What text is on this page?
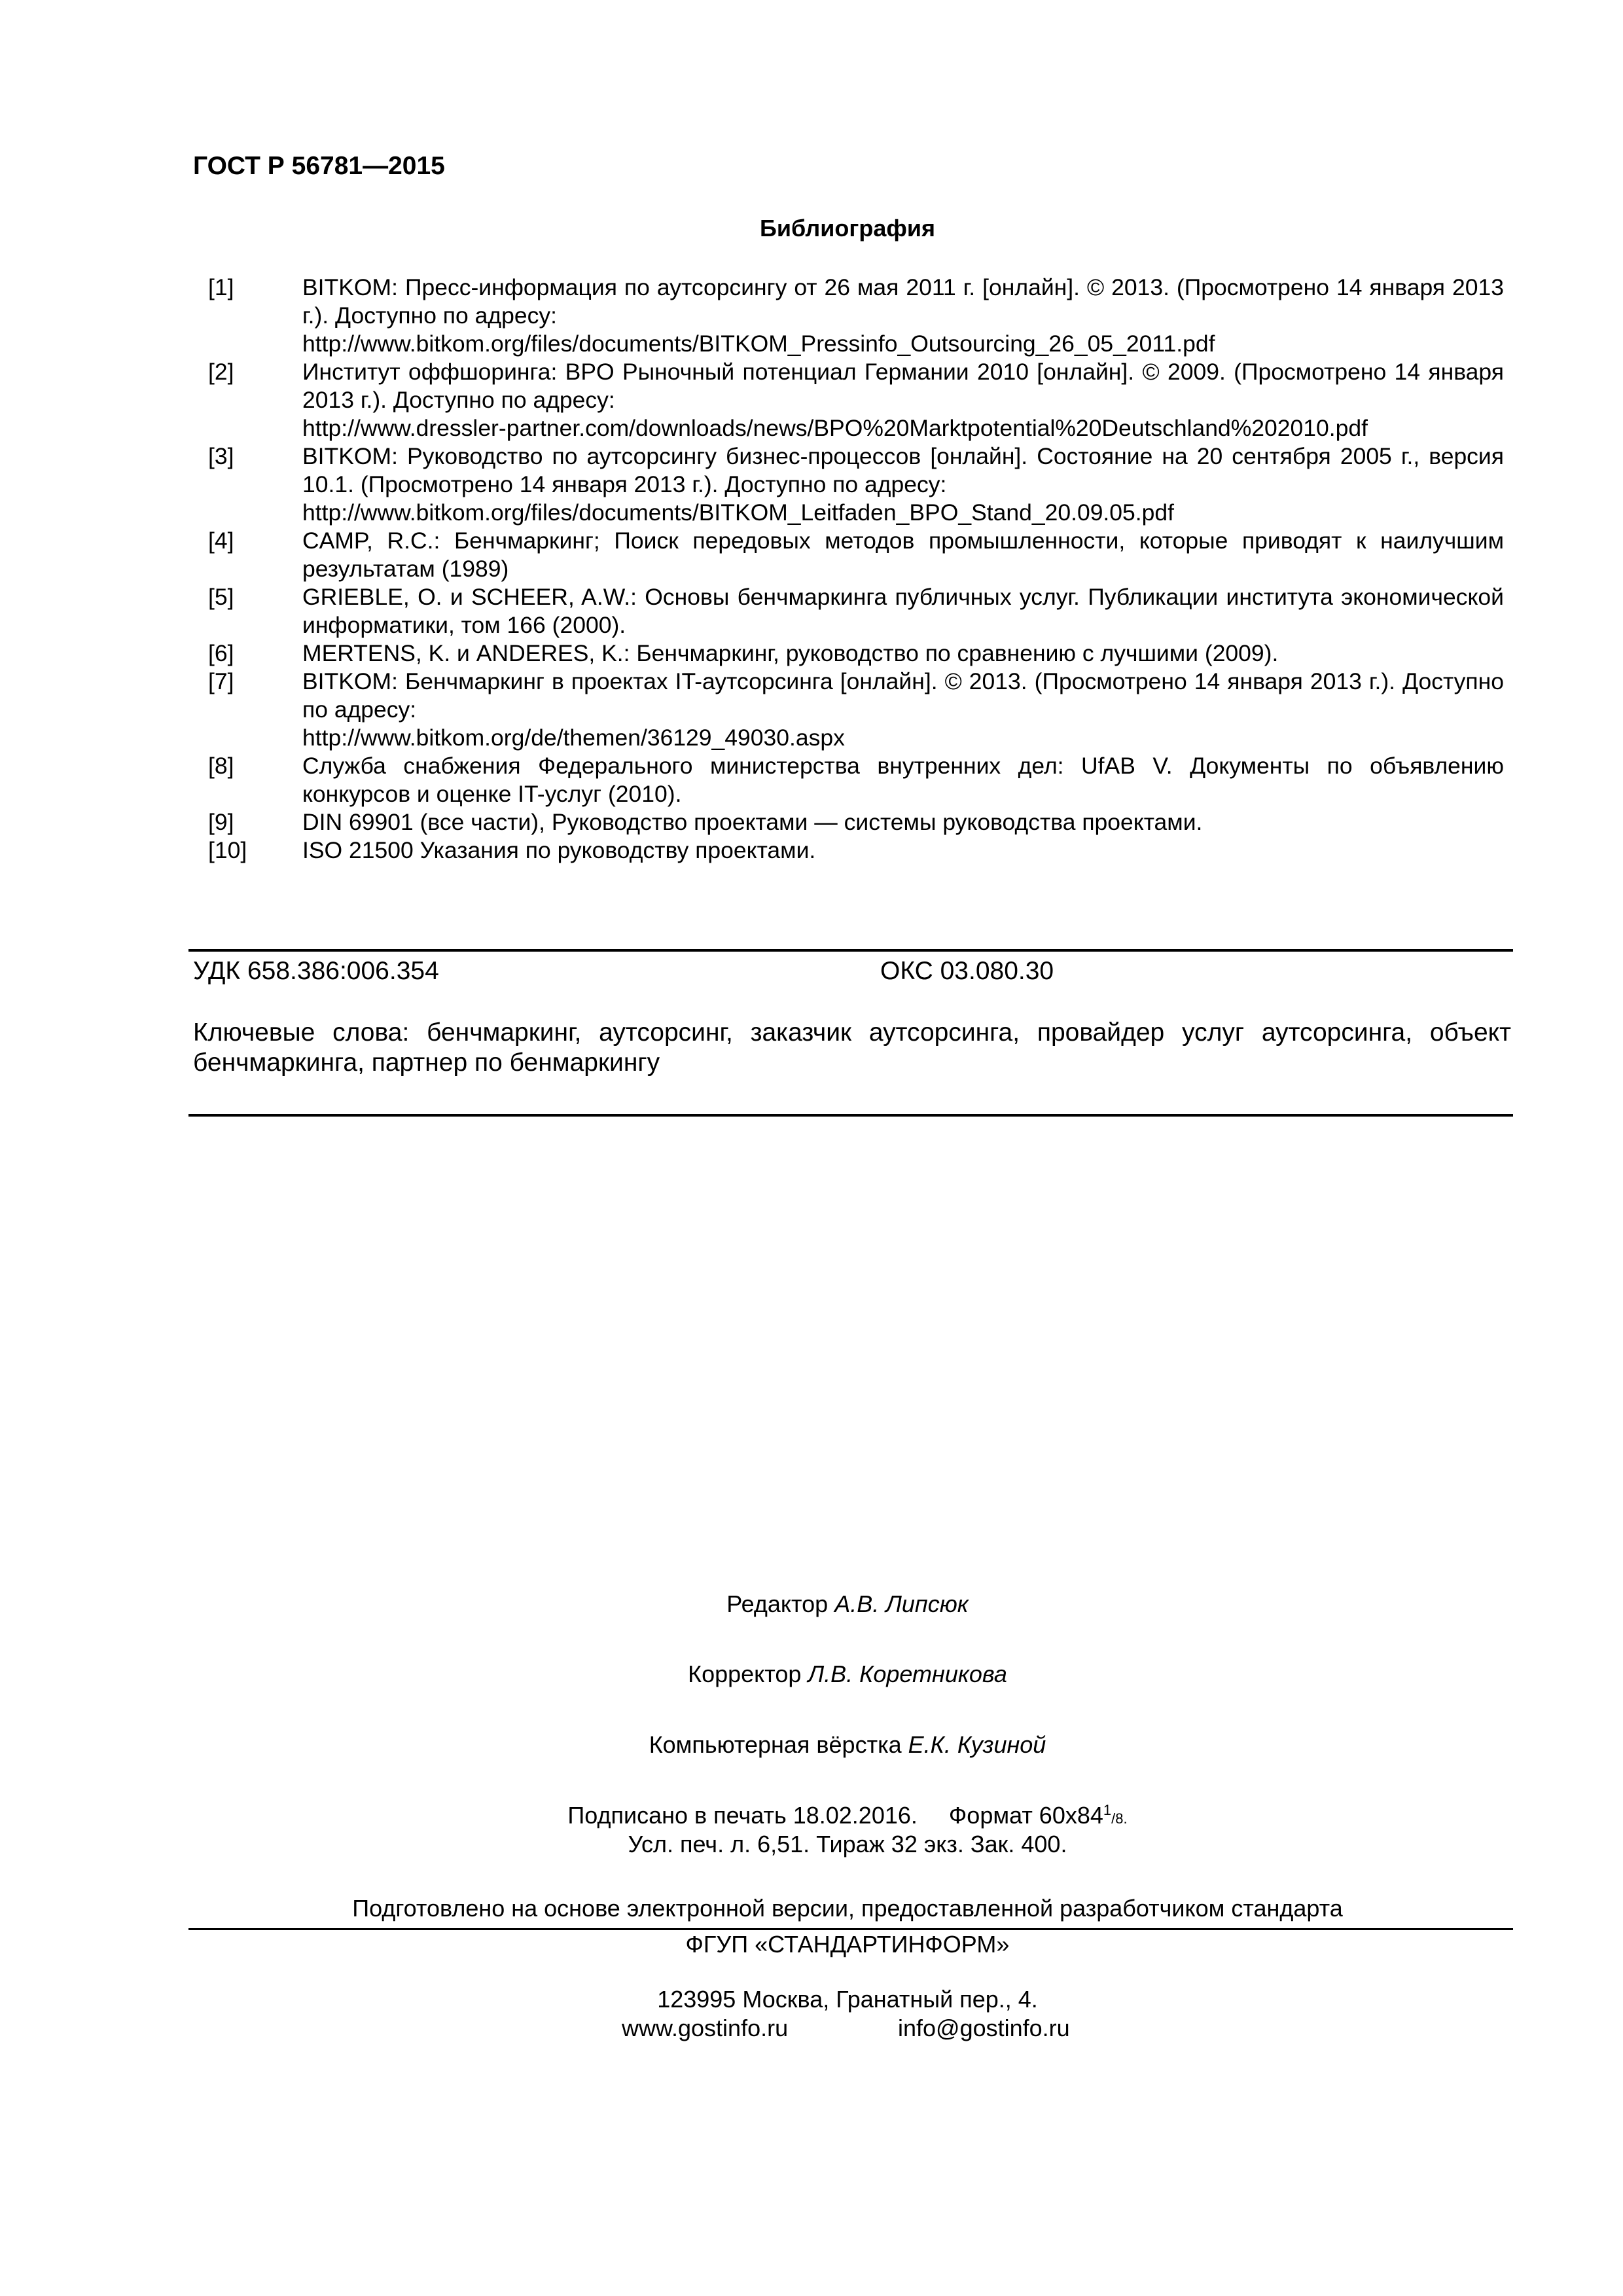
ГОСТ Р 56781—2015
Библиография
[1]	BITKOM: Пресс-информация по аутсорсингу от 26 мая 2011 г. [онлайн]. © 2013. (Просмотрено 14 января 2013 г.). Доступно по адресу:
http://www.bitkom.org/files/documents/BITKOM_Pressinfo_Outsourcing_26_05_2011.pdf
[2]	Институт оффшоринга: BPO Рыночный потенциал Германии 2010 [онлайн]. © 2009. (Просмотрено 14 января 2013 г.). Доступно по адресу:
http://www.dressler-partner.com/downloads/news/BPO%20Marktpotential%20Deutschland%202010.pdf
[3]	BITKOM: Руководство по аутсорсингу бизнес-процессов [онлайн]. Состояние на 20 сентября 2005 г., версия 10.1. (Просмотрено 14 января 2013 г.). Доступно по адресу:
http://www.bitkom.org/files/documents/BITKOM_Leitfaden_BPO_Stand_20.09.05.pdf
[4]	CAMP, R.C.: Бенчмаркинг; Поиск передовых методов промышленности, которые приводят к наилучшим результатам (1989)
[5]	GRIEBLE, O. и SCHEER, A.W.: Основы бенчмаркинга публичных услуг. Публикации института экономической информатики, том 166 (2000).
[6]	MERTENS, K. и ANDERES, K.: Бенчмаркинг, руководство по сравнению с лучшими (2009).
[7]	BITKOM: Бенчмаркинг в проектах IT-аутсорсинга [онлайн]. © 2013. (Просмотрено 14 января 2013 г.). Доступно по адресу:
http://www.bitkom.org/de/themen/36129_49030.aspx
[8]	Служба снабжения Федерального министерства внутренних дел: UfAB V. Документы по объявлению конкурсов и оценке IT-услуг (2010).
[9]	DIN 69901 (все части), Руководство проектами — системы руководства проектами.
[10]	ISO 21500 Указания по руководству проектами.
УДК 658.386:006.354	ОКС 03.080.30
Ключевые слова: бенчмаркинг, аутсорсинг, заказчик аутсорсинга, провайдер услуг аутсорсинга, объект бенчмаркинга, партнер по бенмаркингу
Редактор А.В. Липсюк
Корректор Л.В. Коретникова
Компьютерная вёрстка Е.К. Кузиной
Подписано в печать 18.02.2016. Формат $60x84^1/8$.
Усл. печ. л. 6,51. Тираж 32 экз. Зак. 400.
Подготовлено на основе электронной версии, предоставленной разработчиком стандарта
ФГУП «СТАНДАРТИНФОРМ»
123995 Москва, Гранатный пер., 4.
www.gostinfo.ru	info@gostinfo.ru
